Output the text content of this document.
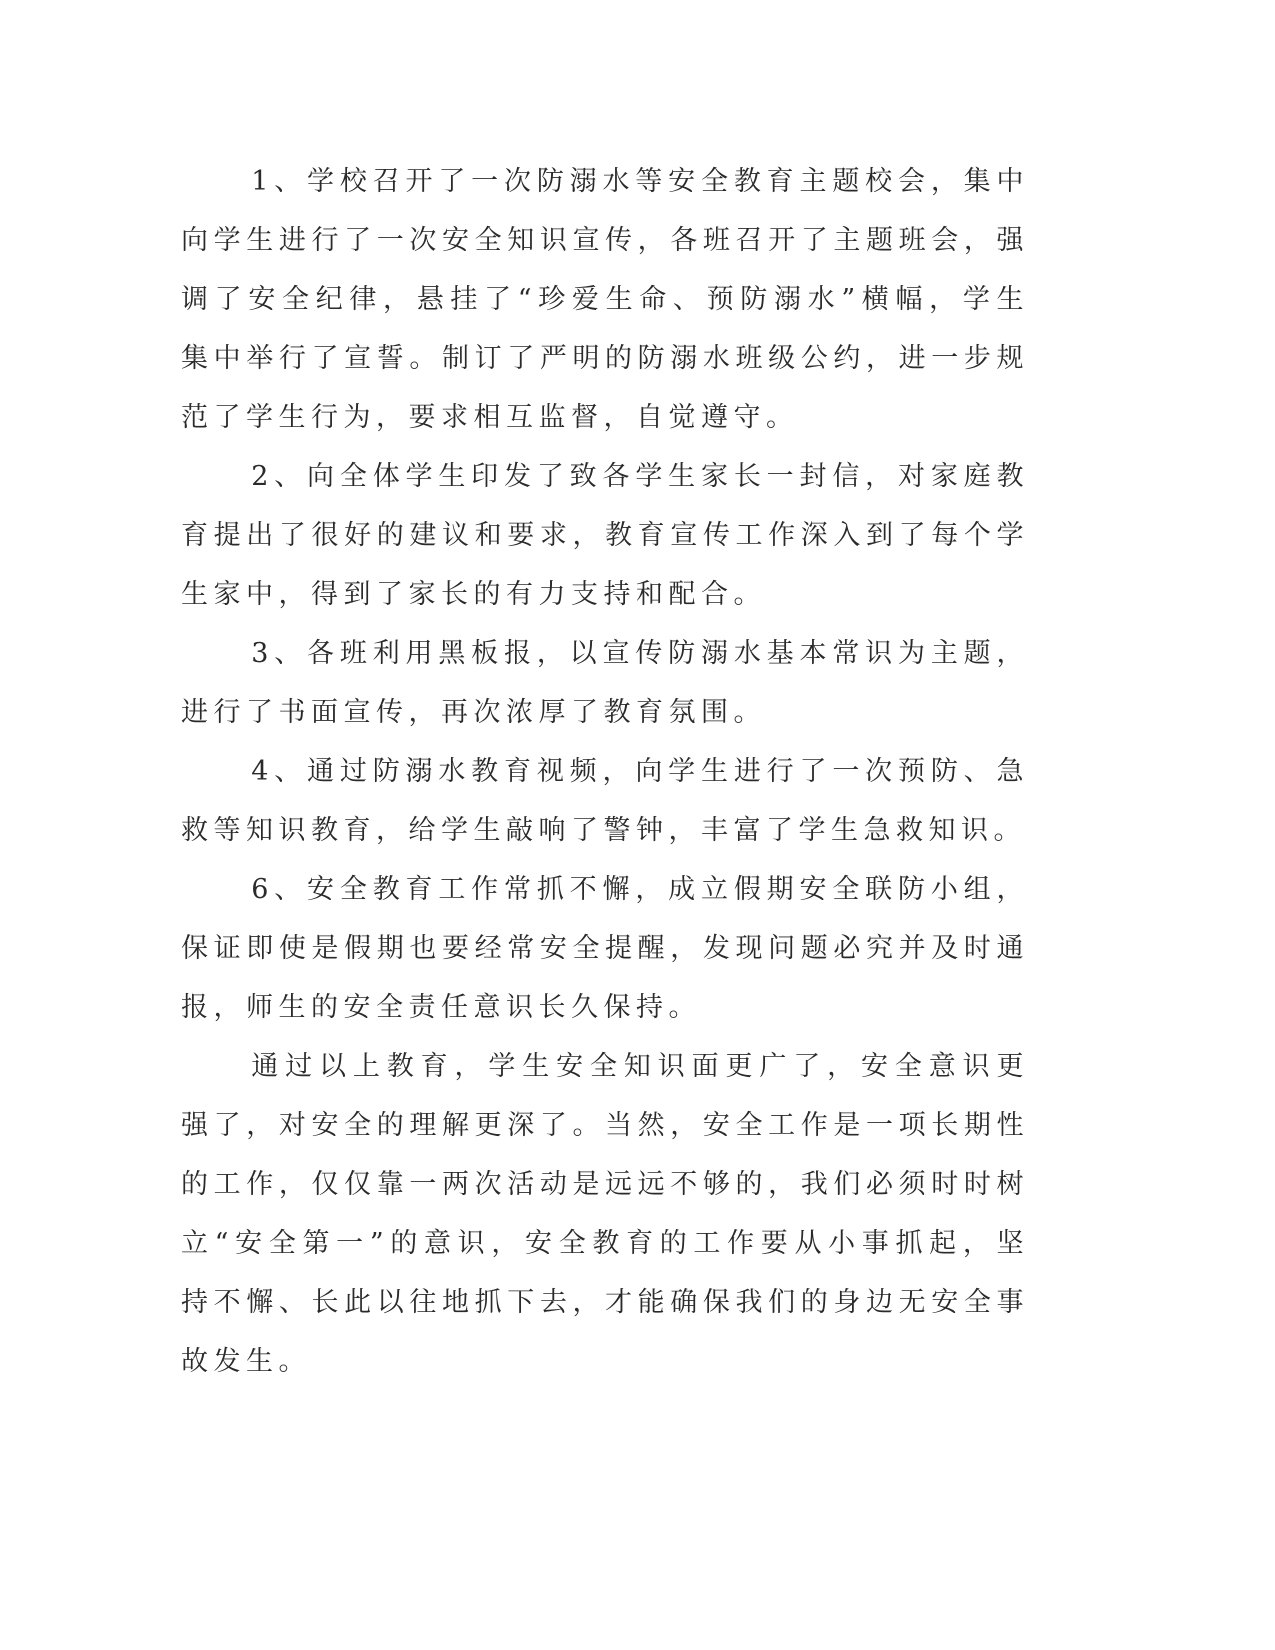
1、学校召开了一次防溺水等安全教育主题校会，集中向学生进行了一次安全知识宣传，各班召开了主题班会，强调了安全纪律，悬挂了“珍爱生命、预防溺水”横幅，学生集中举行了宣誓。制订了严明的防溺水班级公约，进一步规范了学生行为，要求相互监督，自觉遵守。

2、向全体学生印发了致各学生家长一封信，对家庭教育提出了很好的建议和要求，教育宣传工作深入到了每个学生家中，得到了家长的有力支持和配合。

3、各班利用黑板报，以宣传防溺水基本常识为主题，进行了书面宣传，再次浓厚了教育氛围。

4、通过防溺水教育视频，向学生进行了一次预防、急救等知识教育，给学生敲响了警钟，丰富了学生急救知识。

6、安全教育工作常抓不懈，成立假期安全联防小组，保证即使是假期也要经常安全提醒，发现问题必究并及时通报，师生的安全责任意识长久保持。

通过以上教育，学生安全知识面更广了，安全意识更强了，对安全的理解更深了。当然，安全工作是一项长期性的工作，仅仅靠一两次活动是远远不够的，我们必须时时树立“安全第一”的意识，安全教育的工作要从小事抓起，坚持不懈、长此以往地抓下去，才能确保我们的身边无安全事故发生。
